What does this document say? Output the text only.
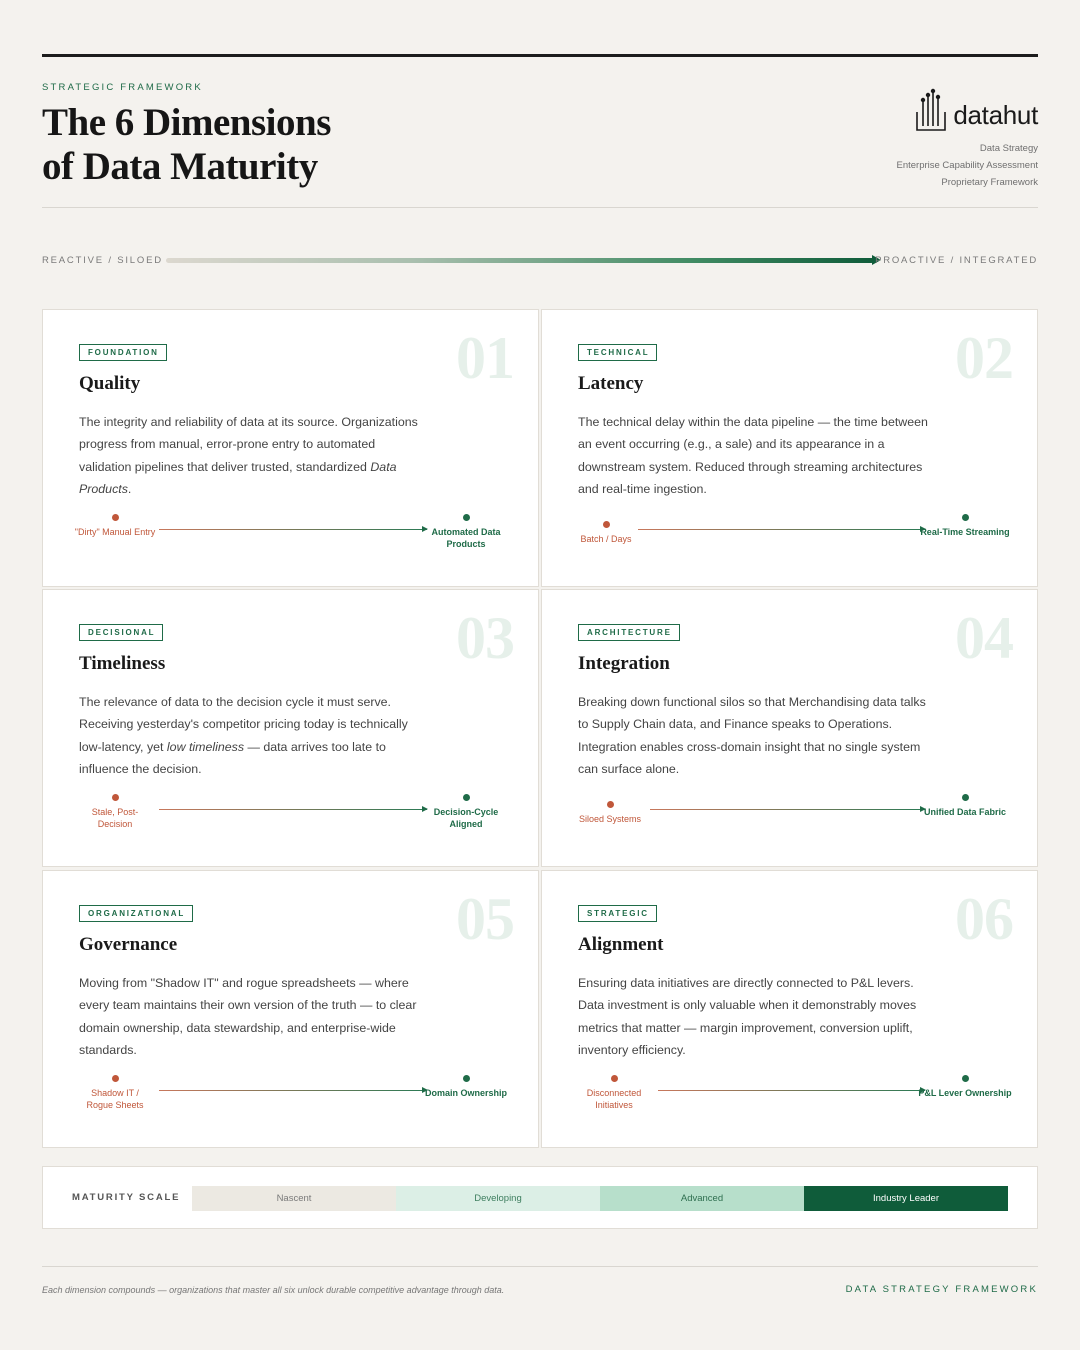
STRATEGIC FRAMEWORK
The 6 Dimensions
of Data Maturity
datahut
Data Strategy
Enterprise Capability Assessment
Proprietary Framework
REACTIVE / SILOED	PROACTIVE / INTEGRATED
01
FOUNDATION
Quality
The integrity and reliability of data at its source. Organizations progress from manual, error-prone entry to automated validation pipelines that deliver trusted, standardized Data Products.
"Dirty" Manual Entry	Automated Data Products
02
TECHNICAL
Latency
The technical delay within the data pipeline — the time between an event occurring (e.g., a sale) and its appearance in a downstream system. Reduced through streaming architectures and real-time ingestion.
Batch / Days
Real-Time Streaming
03
DECISIONAL
Timeliness
The relevance of data to the decision cycle it must serve. Receiving yesterday's competitor pricing today is technically low-latency, yet low timeliness — data arrives too late to influence the decision.
Stale, Post-Decision
Decision-Cycle Aligned
04
ARCHITECTURE
Integration
Breaking down functional silos so that Merchandising data talks to Supply Chain data, and Finance speaks to Operations. Integration enables cross-domain insight that no single system can surface alone.
Siloed Systems
Unified Data Fabric
05
ORGANIZATIONAL
Governance
Moving from "Shadow IT" and rogue spreadsheets — where every team maintains their own version of the truth — to clear domain ownership, data stewardship, and enterprise-wide standards.
Shadow IT / Rogue Sheets
Domain Ownership
06
STRATEGIC
Alignment
Ensuring data initiatives are directly connected to P&L levers. Data investment is only valuable when it demonstrably moves metrics that matter — margin improvement, conversion uplift, inventory efficiency.
Disconnected Initiatives
P&L Lever Ownership
MATURITY SCALE	Nascent	Developing	Advanced	Industry Leader
Each dimension compounds — organizations that master all six unlock durable competitive advantage through data.	DATA STRATEGY FRAMEWORK
